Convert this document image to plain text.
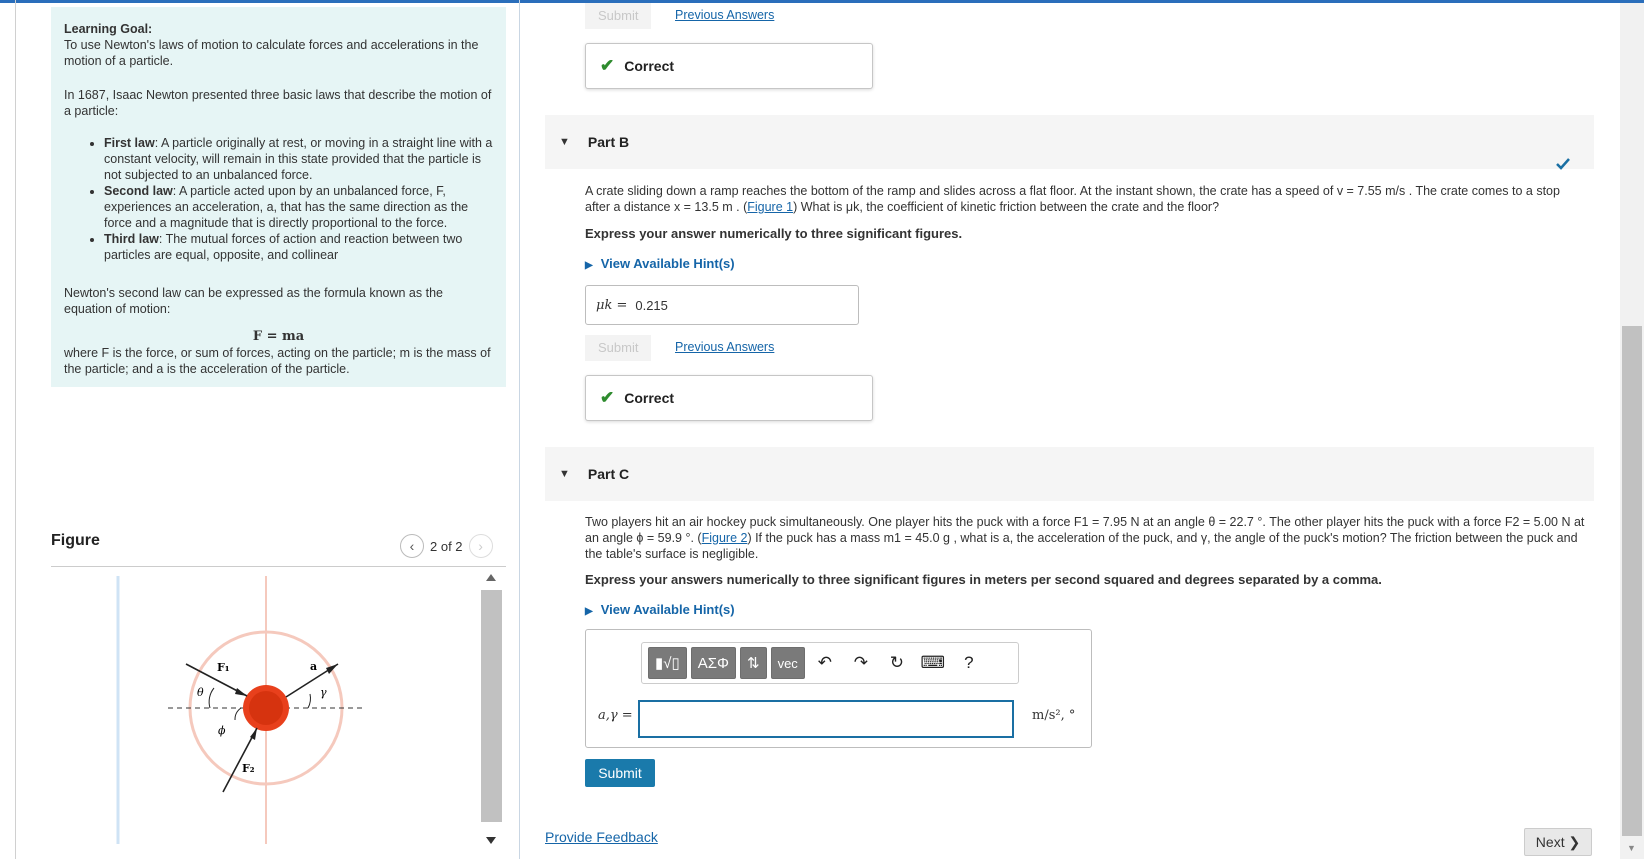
Learning Goal:

To use Newton's laws of motion to calculate forces and accelerations in the motion of a particle.

In 1687, Isaac Newton presented three basic laws that describe the motion of a particle:

• First law: A particle originally at rest, or moving in a straight line with a constant velocity, will remain in this state provided that the particle is not subjected to an unbalanced force.
• Second law: A particle acted upon by an unbalanced force, F, experiences an acceleration, a, that has the same direction as the force and a magnitude that is directly proportional to the force.
• Third law: The mutual forces of action and reaction between two particles are equal, opposite, and collinear

Newton's second law can be expressed as the formula known as the equation of motion:

F = ma

where F is the force, or sum of forces, acting on the particle; m is the mass of the particle; and a is the acceleration of the particle.

Figure	‹	2 of 2	›
F₁
θ
a
γ
ϕ
F₂
Submit	Previous Answers
✔ Correct
▼ Part B
A crate sliding down a ramp reaches the bottom of the ramp and slides across a flat floor. At the instant shown, the crate has a speed of v = 7.55 m/s . The crate comes to a stop after a distance x = 13.5 m . (Figure 1) What is μk, the coefficient of kinetic friction between the crate and the floor?
Express your answer numerically to three significant figures.
▶ View Available Hint(s)
μk = 0.215
Submit	Previous Answers
✔ Correct
▼ Part C
Two players hit an air hockey puck simultaneously. One player hits the puck with a force F1 = 7.95 N at an angle θ = 22.7 °. The other player hits the puck with a force F2 = 5.00 N at an angle ϕ = 59.9 °. (Figure 2) If the puck has a mass m1 = 45.0 g , what is a, the acceleration of the puck, and γ, the angle of the puck's motion? The friction between the puck and the table's surface is negligible.
Express your answers numerically to three significant figures in meters per second squared and degrees separated by a comma.
▶ View Available Hint(s)
▮√▯	ΑΣΦ	⇅	vec	↶	↷	↻ ⌨	?
a,γ =	m/s², °
Submit
Provide Feedback	Next ❯	▼
